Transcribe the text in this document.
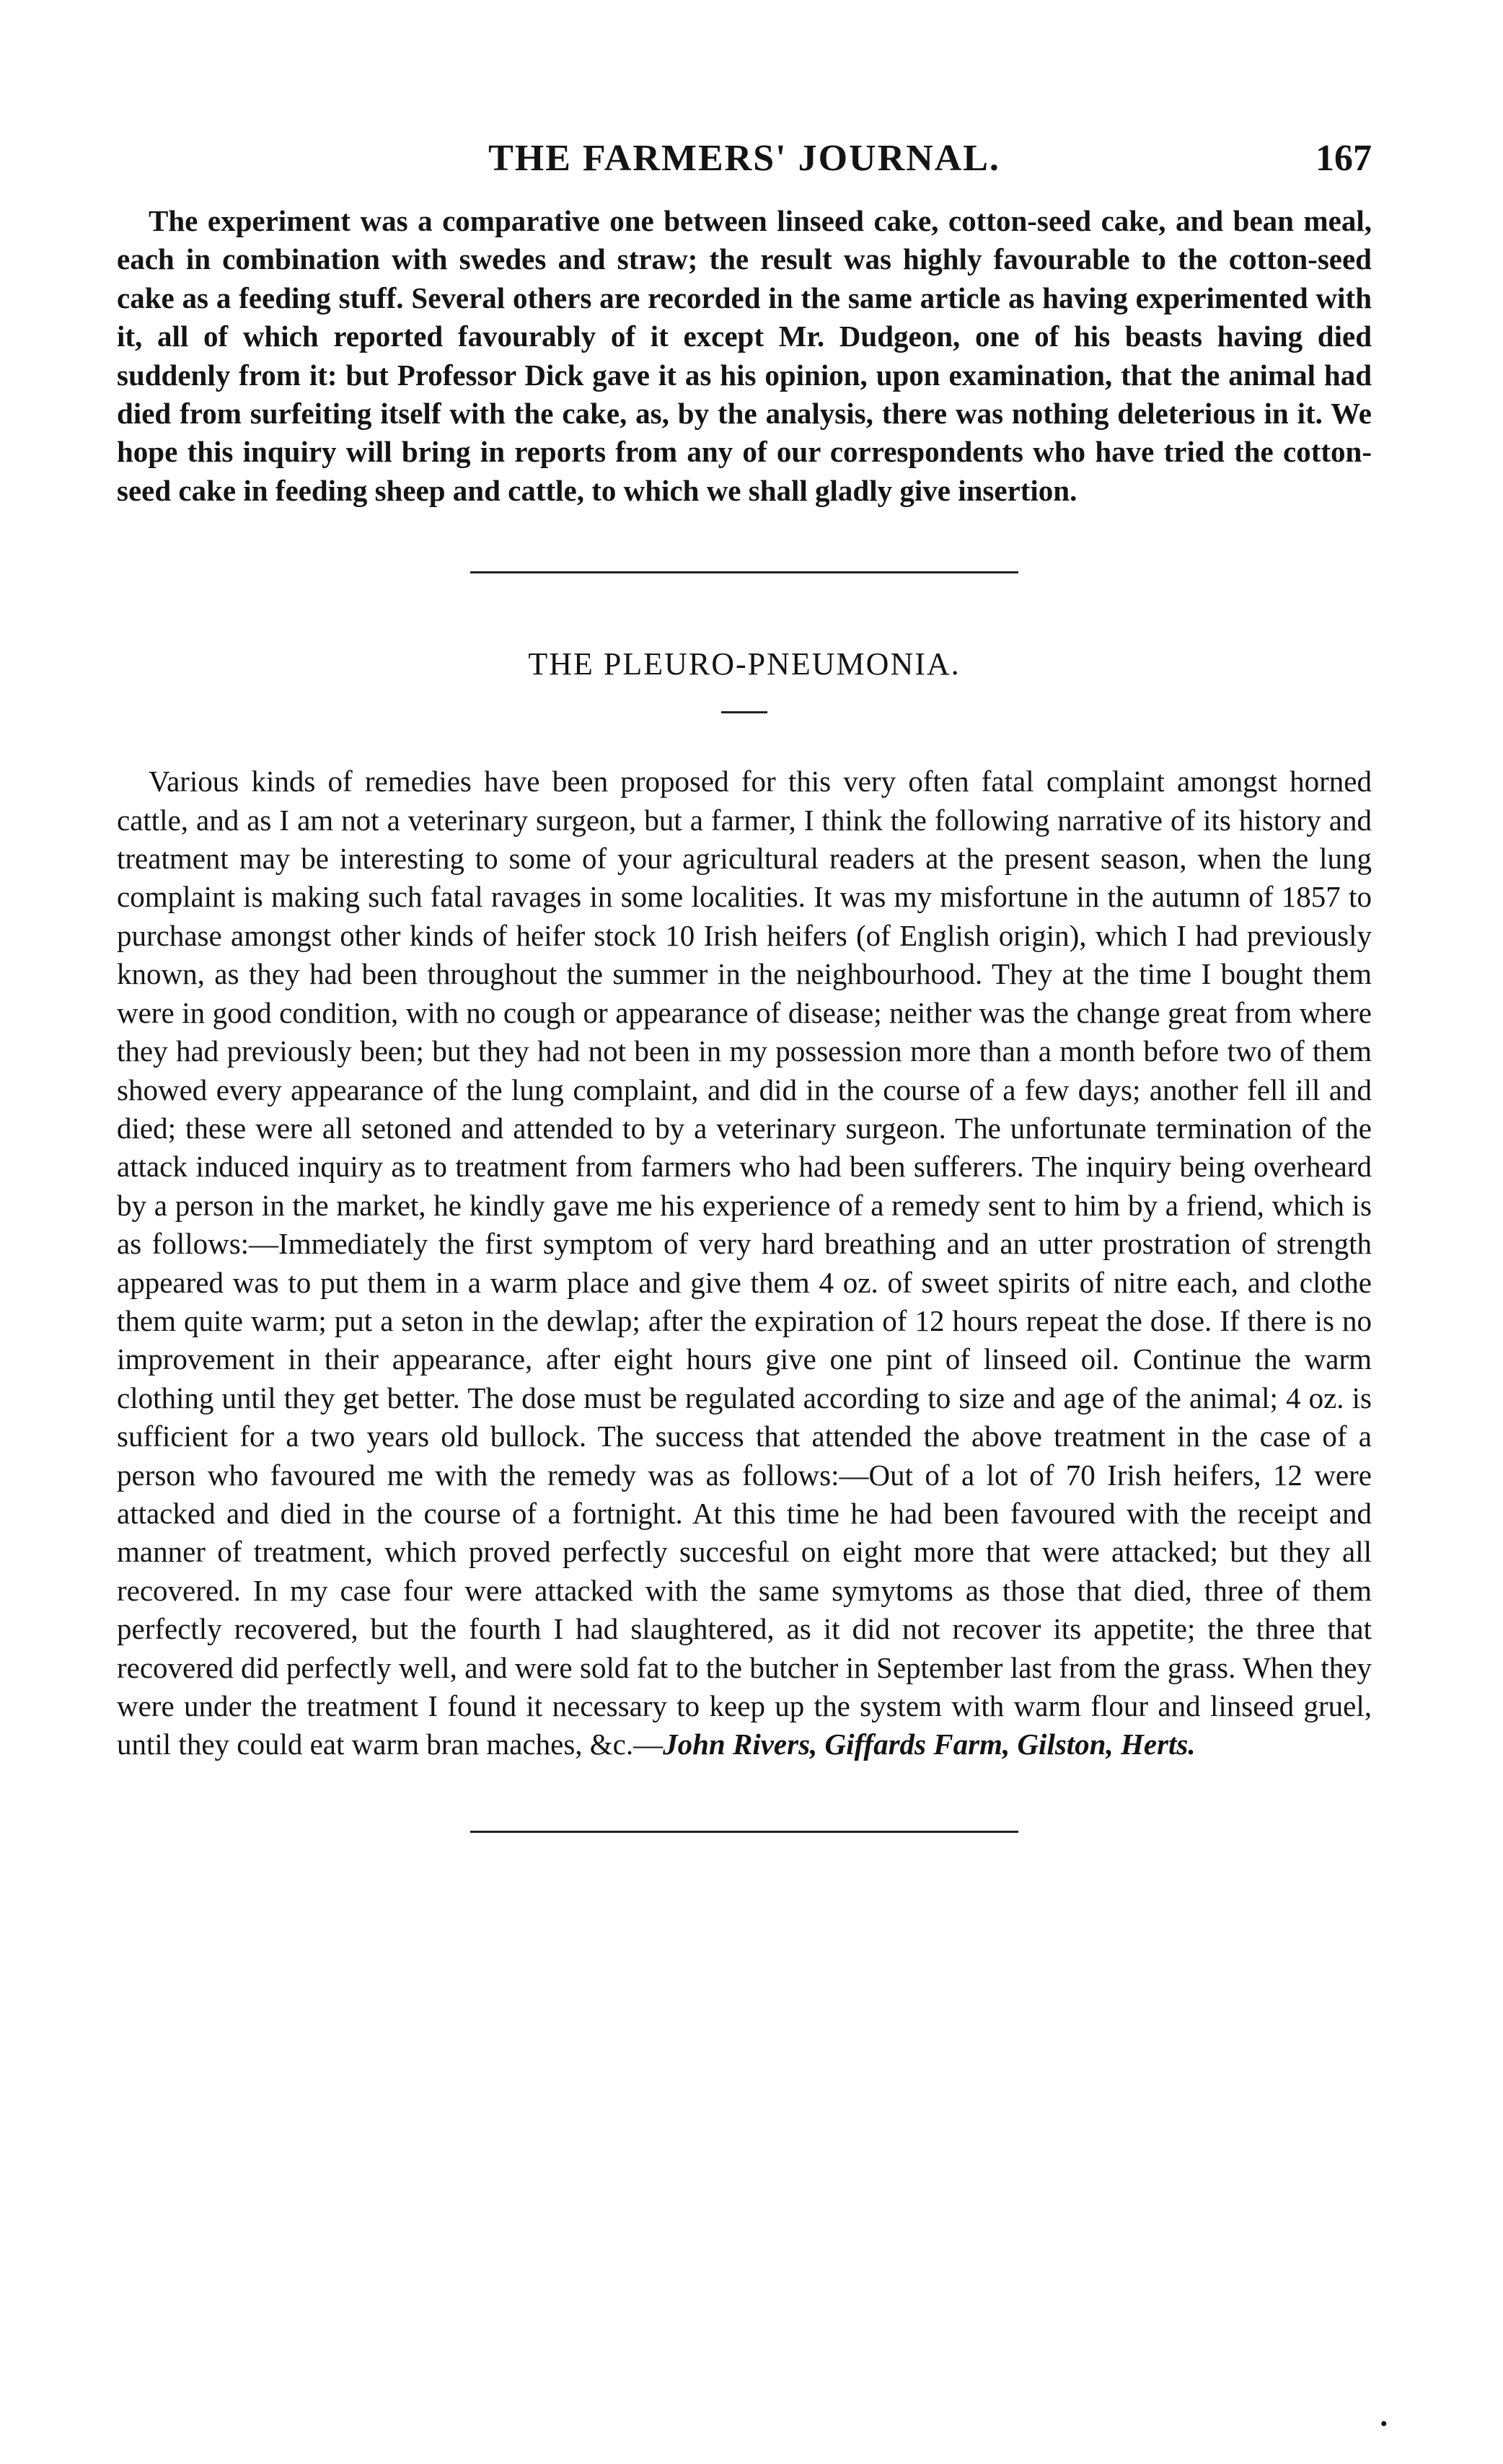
THE FARMERS' JOURNAL.	167

The experiment was a comparative one between linseed cake, cotton-seed cake, and bean meal, each in combination with swedes and straw; the result was highly favourable to the cotton-seed cake as a feeding stuff. Several others are recorded in the same article as having experimented with it, all of which reported favourably of it except Mr. Dudgeon, one of his beasts having died suddenly from it: but Professor Dick gave it as his opinion, upon examination, that the animal had died from surfeiting itself with the cake, as, by the analysis, there was nothing deleterious in it. We hope this inquiry will bring in reports from any of our correspondents who have tried the cotton-seed cake in feeding sheep and cattle, to which we shall gladly give insertion.

THE PLEURO-PNEUMONIA.

Various kinds of remedies have been proposed for this very often fatal complaint amongst horned cattle, and as I am not a veterinary surgeon, but a farmer, I think the following narrative of its history and treatment may be interesting to some of your agricultural readers at the present season, when the lung complaint is making such fatal ravages in some localities. It was my misfortune in the autumn of 1857 to purchase amongst other kinds of heifer stock 10 Irish heifers (of English origin), which I had previously known, as they had been throughout the summer in the neighbourhood. They at the time I bought them were in good condition, with no cough or appearance of disease; neither was the change great from where they had previously been; but they had not been in my possession more than a month before two of them showed every appearance of the lung complaint, and did in the course of a few days; another fell ill and died; these were all setoned and attended to by a veterinary surgeon. The unfortunate termination of the attack induced inquiry as to treatment from farmers who had been sufferers. The inquiry being overheard by a person in the market, he kindly gave me his experience of a remedy sent to him by a friend, which is as follows:—Immediately the first symptom of very hard breathing and an utter prostration of strength appeared was to put them in a warm place and give them 4 oz. of sweet spirits of nitre each, and clothe them quite warm; put a seton in the dewlap; after the expiration of 12 hours repeat the dose. If there is no improvement in their appearance, after eight hours give one pint of linseed oil. Continue the warm clothing until they get better. The dose must be regulated according to size and age of the animal; 4 oz. is sufficient for a two years old bullock. The success that attended the above treatment in the case of a person who favoured me with the remedy was as follows:—Out of a lot of 70 Irish heifers, 12 were attacked and died in the course of a fortnight. At this time he had been favoured with the receipt and manner of treatment, which proved perfectly succesful on eight more that were attacked; but they all recovered. In my case four were attacked with the same symytoms as those that died, three of them perfectly recovered, but the fourth I had slaughtered, as it did not recover its appetite; the three that recovered did perfectly well, and were sold fat to the butcher in September last from the grass. When they were under the treatment I found it necessary to keep up the system with warm flour and linseed gruel, until they could eat warm bran maches, &c.—John Rivers, Giffards Farm, Gilston, Herts.

•
